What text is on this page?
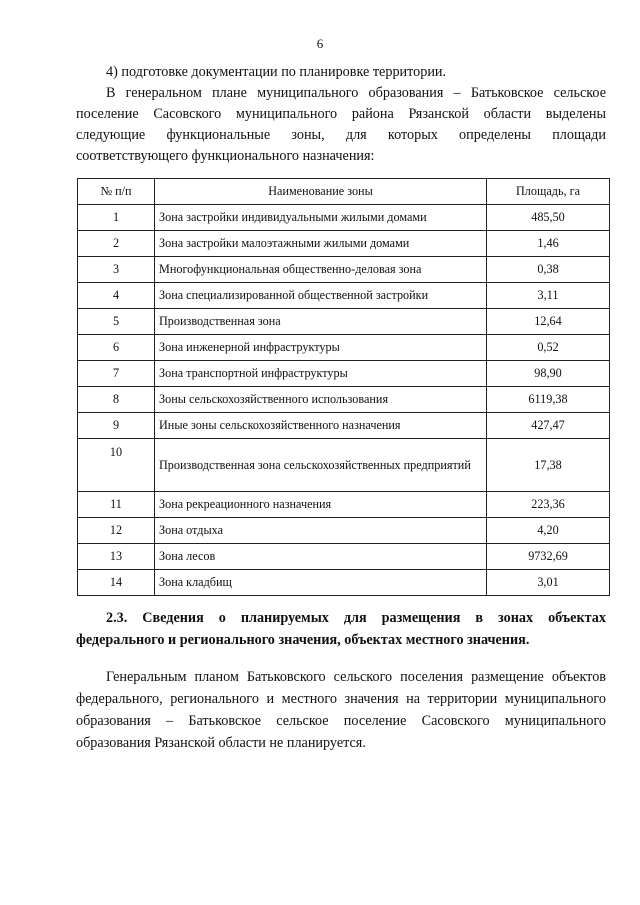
6
4) подготовке документации по планировке территории.
В генеральном плане муниципального образования – Батьковское сельское
поселение Сасовского муниципального района Рязанской области выделены
следующие функциональные зоны, для которых определены площади
соответствующего функционального назначения:
№ п/п	Наименование зоны	Площадь, га
1	Зона застройки индивидуальными жилыми домами	485,50
2	Зона застройки малоэтажными жилыми домами	1,46
3	Многофункциональная общественно-деловая зона	0,38
4	Зона специализированной общественной застройки	3,11
5	Производственная зона	12,64
6	Зона инженерной инфраструктуры	0,52
7	Зона транспортной инфраструктуры	98,90
8	Зоны сельскохозяйственного использования	6119,38
9	Иные зоны сельскохозяйственного назначения	427,47
10	Производственная зона сельскохозяйственных предприятий	17,38
11	Зона рекреационного назначения	223,36
12	Зона отдыха	4,20
13	Зона лесов	9732,69
14	Зона кладбищ	3,01
2.3. Сведения о планируемых для размещения в зонах объектах
федерального и регионального значения, объектах местного значения.
Генеральным планом Батьковского сельского поселения размещение объектов
федерального, регионального и местного значения на территории муниципального
образования – Батьковское сельское поселение Сасовского муниципального
образования Рязанской области не планируется.
